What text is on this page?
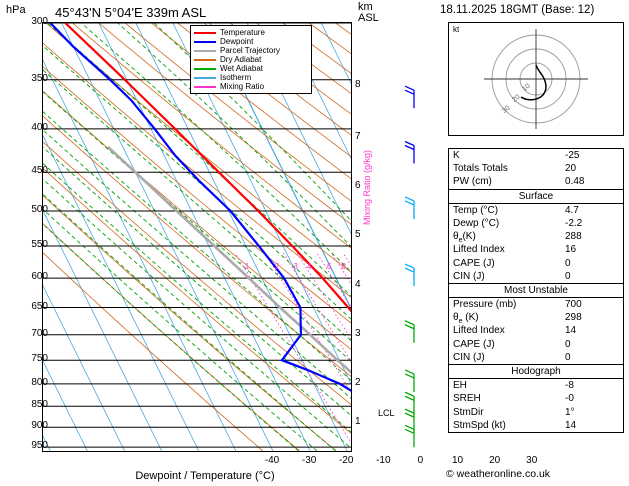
hPa 45°43'N 5°04'E 339m ASL	km
ASL
300
350
400
450
500
550
600
650
700
750
800
850
900
950
-40	-30	-20	-10	0	10	20	30
8
7
6
5
4
3
2
1
Dewpoint / Temperature (°C)
Temperature
Dewpoint
Parcel Trajectory
Dry Adiabat
Wet Adiabat
Isotherm
Mixing Ratio
Mixing Ratio (g/kg)
LCL
1	2 3 4 6 8
18.11.2025 18GMT (Base: 12)
kt
10
20
30
K	-25
Totals Totals	20
PW (cm)	0.48
Surface
Temp (°C)	4.7
Dewp (°C)	-2.2
$\theta_e(K)$	288
Lifted Index	16
CAPE (J)	0
CIN (J)	0
Most Unstable
Pressure (mb)	700
$\theta_e$ (K)	298
Lifted Index	14
CAPE (J)	0
CIN (J)	0
Hodograph
EH	-8
SREH	-0
StmDir	1°
StmSpd (kt)	14
© weatheronline.co.uk
